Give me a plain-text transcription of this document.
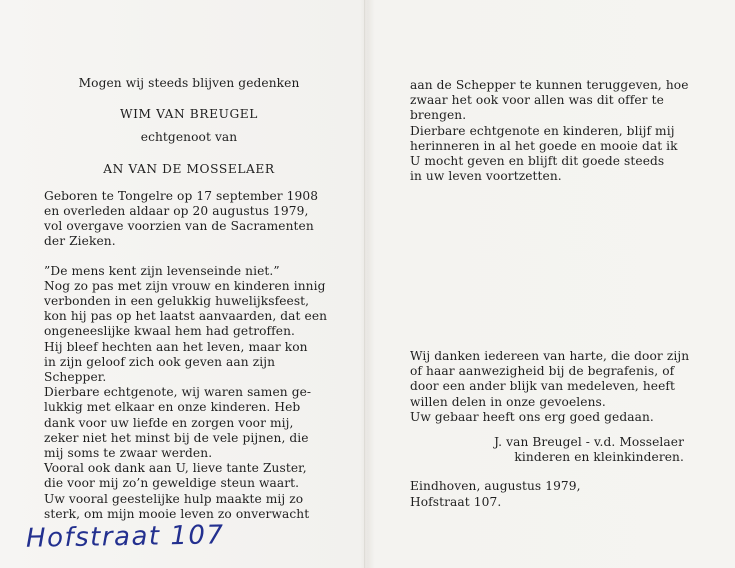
Mogen wij steeds blijven gedenken

WIM VAN BREUGEL

echtgenoot van

AN VAN DE MOSSELAER

Geboren te Tongelre op 17 september 1908

en overleden aldaar op 20 augustus 1979,

vol overgave voorzien van de Sacramenten

der Zieken.

”De mens kent zijn levenseinde niet.”

Nog zo pas met zijn vrouw en kinderen innig

verbonden in een gelukkig huwelijksfeest,

kon hij pas op het laatst aanvaarden, dat een

ongeneeslijke kwaal hem had getroffen.

Hij bleef hechten aan het leven, maar kon

in zijn geloof zich ook geven aan zijn

Schepper.

Dierbare echtgenote, wij waren samen ge-

lukkig met elkaar en onze kinderen. Heb

dank voor uw liefde en zorgen voor mij,

zeker niet het minst bij de vele pijnen, die

mij soms te zwaar werden.

Vooral ook dank aan U, lieve tante Zuster,

die voor mij zo’n geweldige steun waart.

Uw vooral geestelijke hulp maakte mij zo

sterk, om mijn mooie leven zo onverwacht

aan de Schepper te kunnen teruggeven, hoe

zwaar het ook voor allen was dit offer te

brengen.

Dierbare echtgenote en kinderen, blijf mij

herinneren in al het goede en mooie dat ik

U mocht geven en blijft dit goede steeds

in uw leven voortzetten.

Wij danken iedereen van harte, die door zijn

of haar aanwezigheid bij de begrafenis, of

door een ander blijk van medeleven, heeft

willen delen in onze gevoelens.

Uw gebaar heeft ons erg goed gedaan.

J. van Breugel - v.d. Mosselaer

kinderen en kleinkinderen.

Eindhoven, augustus 1979,

Hofstraat 107.

Hofstraat 107
